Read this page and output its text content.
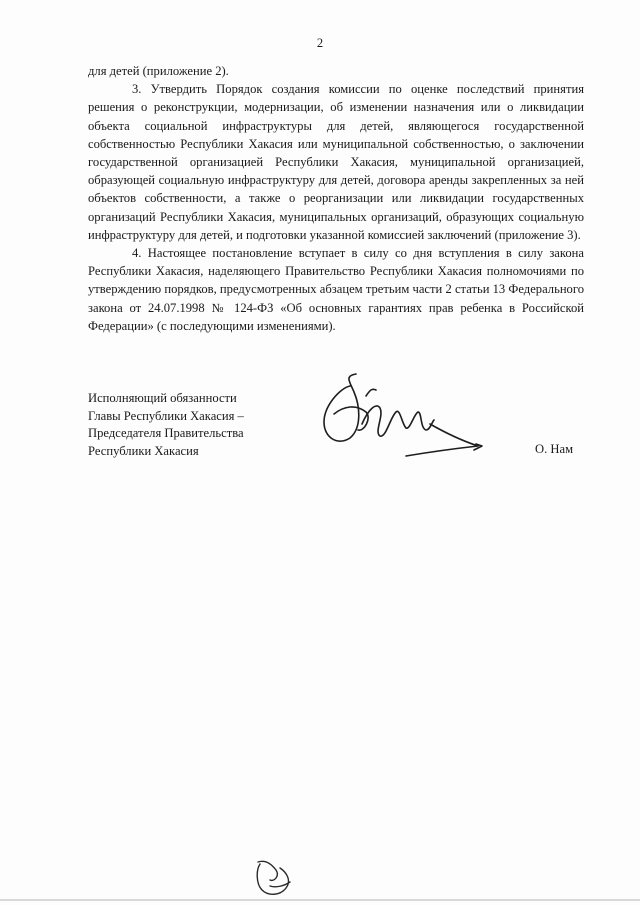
2

для детей (приложение 2).

3. Утвердить Порядок создания комиссии по оценке последствий принятия решения о реконструкции, модернизации, об изменении назначения или о ликвидации объекта социальной инфраструктуры для детей, являющегося государственной собственностью Республики Хакасия или муниципальной собственностью, о заключении государственной организацией Республики Хакасия, муниципальной организацией, образующей социальную инфраструктуру для детей, договора аренды закрепленных за ней объектов собственности, а также о реорганизации или ликвидации государственных организаций Республики Хакасия, муниципальных организаций, образующих социальную инфраструктуру для детей, и подготовки указанной комиссией заключений (приложение 3).

4. Настоящее постановление вступает в силу со дня вступления в силу закона Республики Хакасия, наделяющего Правительство Республики Хакасия полномочиями по утверждению порядков, предусмотренных абзацем третьим части 2 статьи 13 Федерального закона от 24.07.1998 № 124-ФЗ «Об основных гарантиях прав ребенка в Российской Федерации» (с последующими изменениями).

Исполняющий обязанности
Главы Республики Хакасия –
Председателя Правительства
Республики Хакасия	О. Нам
